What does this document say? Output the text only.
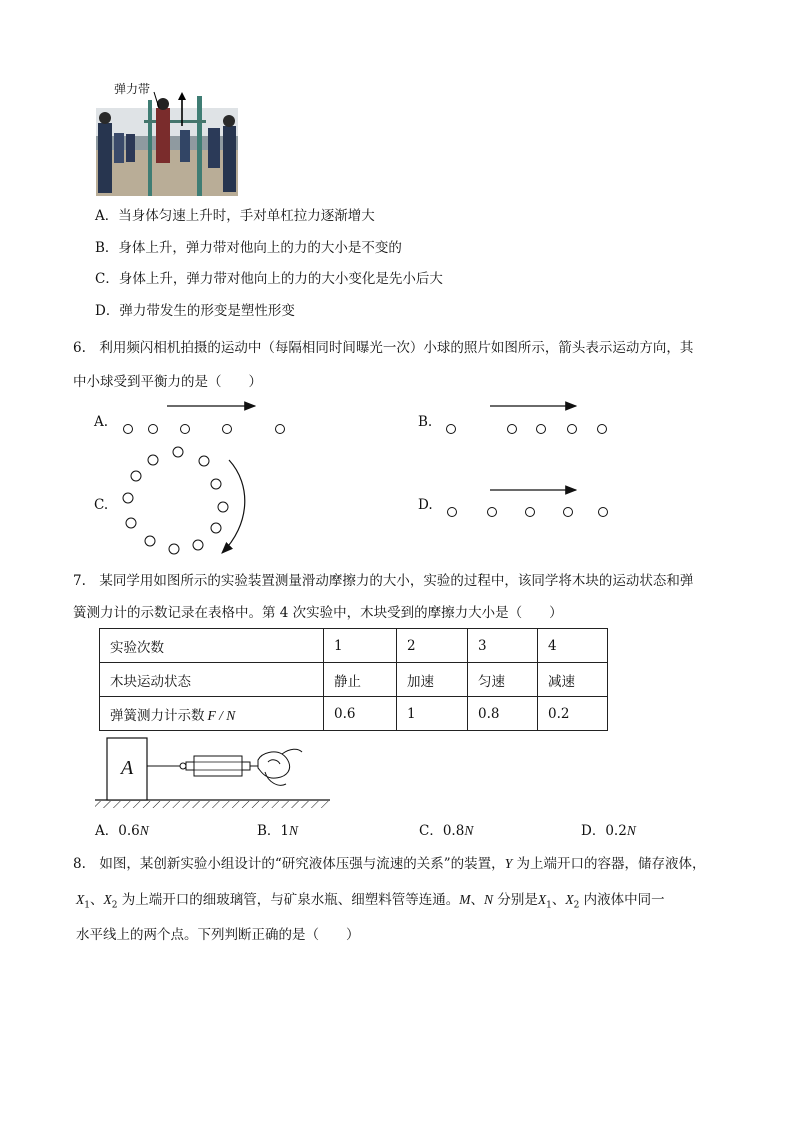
弹力带
A．当身体匀速上升时，手对单杠拉力逐渐增大
B．身体上升，弹力带对他向上的力的大小是不变的
C．身体上升，弹力带对他向上的力的大小变化是先小后大
D．弹力带发生的形变是塑性形变
6.　利用频闪相机拍摄的运动中（每隔相同时间曝光一次）小球的照片如图所示，箭头表示运动方向，其
中小球受到平衡力的是（　　）
A.	B.
C.	D.
7.　某同学用如图所示的实验装置测量滑动摩擦力的大小，实验的过程中，该同学将木块的运动状态和弹
簧测力计的示数记录在表格中。第 4 次实验中，木块受到的摩擦力大小是（　　）
实验次数	1	2	3	4
木块运动状态	静止	加速	匀速	减速
弹簧测力计示数 F / N	0.6	1	0.8	0.2
A
A．0.6N	B．1N	C．0.8N	D．0.2N
8.　如图，某创新实验小组设计的“研究液体压强与流速的关系”的装置，Y 为上端开口的容器，储存液体，
$X_1$、$X_2$ 为上端开口的细玻璃管，与矿泉水瓶、细塑料管等连通。M、N 分别是$X_1$、$X_2$ 内液体中同一
水平线上的两个点。下列判断正确的是（　　）
